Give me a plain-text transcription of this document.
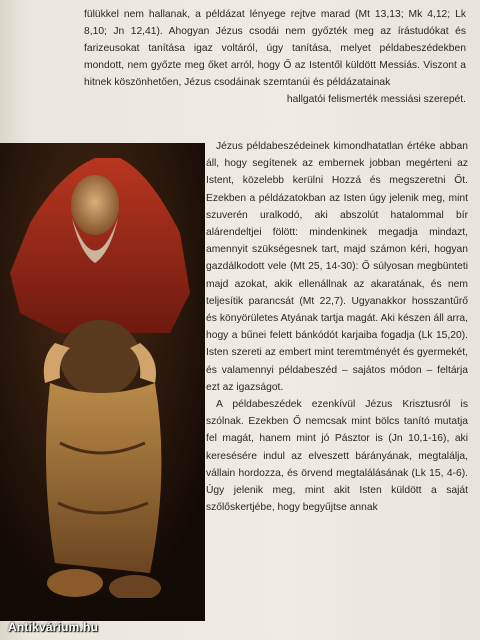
fülükkel nem hallanak, a példázat lényege rejtve marad (Mt 13,13; Mk 4,12; Lk 8,10; Jn 12,41). Ahogyan Jézus csodái nem győzték meg az írástudókat és farizeusokat tanítása igaz voltáról, úgy tanítása, melyet példabeszédekben mondott, nem győzte meg őket arról, hogy Ő az Istentől küldött Messiás. Viszont a hitnek köszönhetően, Jézus csodáinak szemtanúi és példázatainak

hallgatói felismerték messiási szerepét.

Jézus példabeszédeinek kimondhatatlan értéke abban áll, hogy segítenek az embernek jobban megérteni az Istent, közelebb kerülni Hozzá és megszeretni Őt. Ezekben a példázatokban az Isten úgy jelenik meg, mint szuverén uralkodó, aki abszolút hatalommal bír alárendeltjei fölött: mindenkinek megadja mindazt, amennyit szükségesnek tart, majd számon kéri, hogyan gazdálkodott vele (Mt 25, 14-30): Ő súlyosan megbünteti majd azokat, akik ellenállnak az akaratának, és nem teljesítik parancsát (Mt 22,7). Ugyanakkor hosszantűrő és könyörületes Atyának tartja magát. Aki készen áll arra, hogy a bűnei felett bánkódót karjaiba fogadja (Lk 15,20). Isten szereti az embert mint teremtményét és gyermekét, és valamennyi példabeszéd – sajátos módon – feltárja ezt az igazságot.

A példabeszédek ezenkívül Jézus Krisztusról is szólnak. Ezekben Ő nemcsak mint bölcs tanító mutatja fel magát, hanem mint jó Pásztor is (Jn 10,1-16), aki keresésére indul az elveszett bárányának, megtalálja, vállain hordozza, és örvend megtalálásának (Lk 15, 4-6). Úgy jelenik meg, mint akit Isten küldött a saját szőlőskertjébe, hogy begyűjtse annak

Antikvárium.hu
